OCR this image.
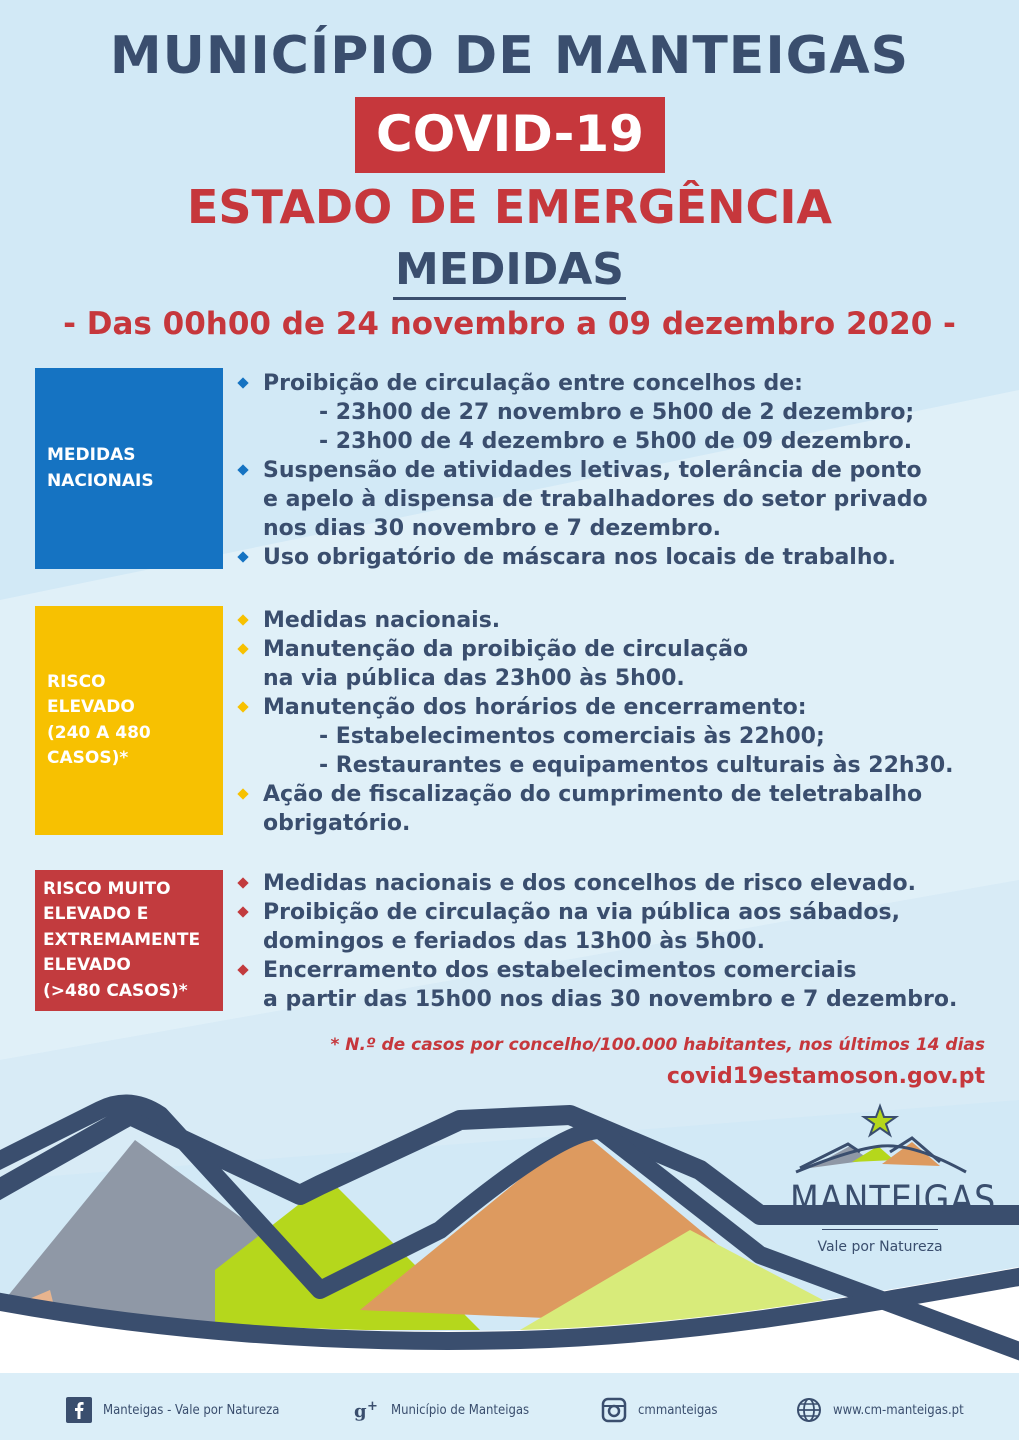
MUNICÍPIO DE MANTEIGAS
COVID-19
ESTADO DE EMERGÊNCIA
MEDIDAS
- Das 00h00 de 24 novembro a 09 dezembro 2020 -
MEDIDAS
NACIONAIS
Proibição de circulação entre concelhos de:
- 23h00 de 27 novembro e 5h00 de 2 dezembro;
- 23h00 de 4 dezembro e 5h00 de 09 dezembro.
Suspensão de atividades letivas, tolerância de ponto
e apelo à dispensa de trabalhadores do setor privado
nos dias 30 novembro e 7 dezembro.
Uso obrigatório de máscara nos locais de trabalho.
RISCO
ELEVADO
(240 A 480
CASOS)*
Medidas nacionais.
Manutenção da proibição de circulação
na via pública das 23h00 às 5h00.
Manutenção dos horários de encerramento:
- Estabelecimentos comerciais às 22h00;
- Restaurantes e equipamentos culturais às 22h30.
Ação de fiscalização do cumprimento de teletrabalho
obrigatório.
RISCO MUITO
ELEVADO E
EXTREMAMENTE
ELEVADO
(>480 CASOS)*
Medidas nacionais e dos concelhos de risco elevado.
Proibição de circulação na via pública aos sábados,
domingos e feriados das 13h00 às 5h00.
Encerramento dos estabelecimentos comerciais
a partir das 15h00 nos dias 30 novembro e 7 dezembro.
* N.º de casos por concelho/100.000 habitantes, nos últimos 14 dias
covid19estamoson.gov.pt
MANTEIGAS
Vale por Natureza
Manteigas - Vale por Natureza	g + Município de Manteigas	cmmanteigas	www.cm-manteigas.pt
